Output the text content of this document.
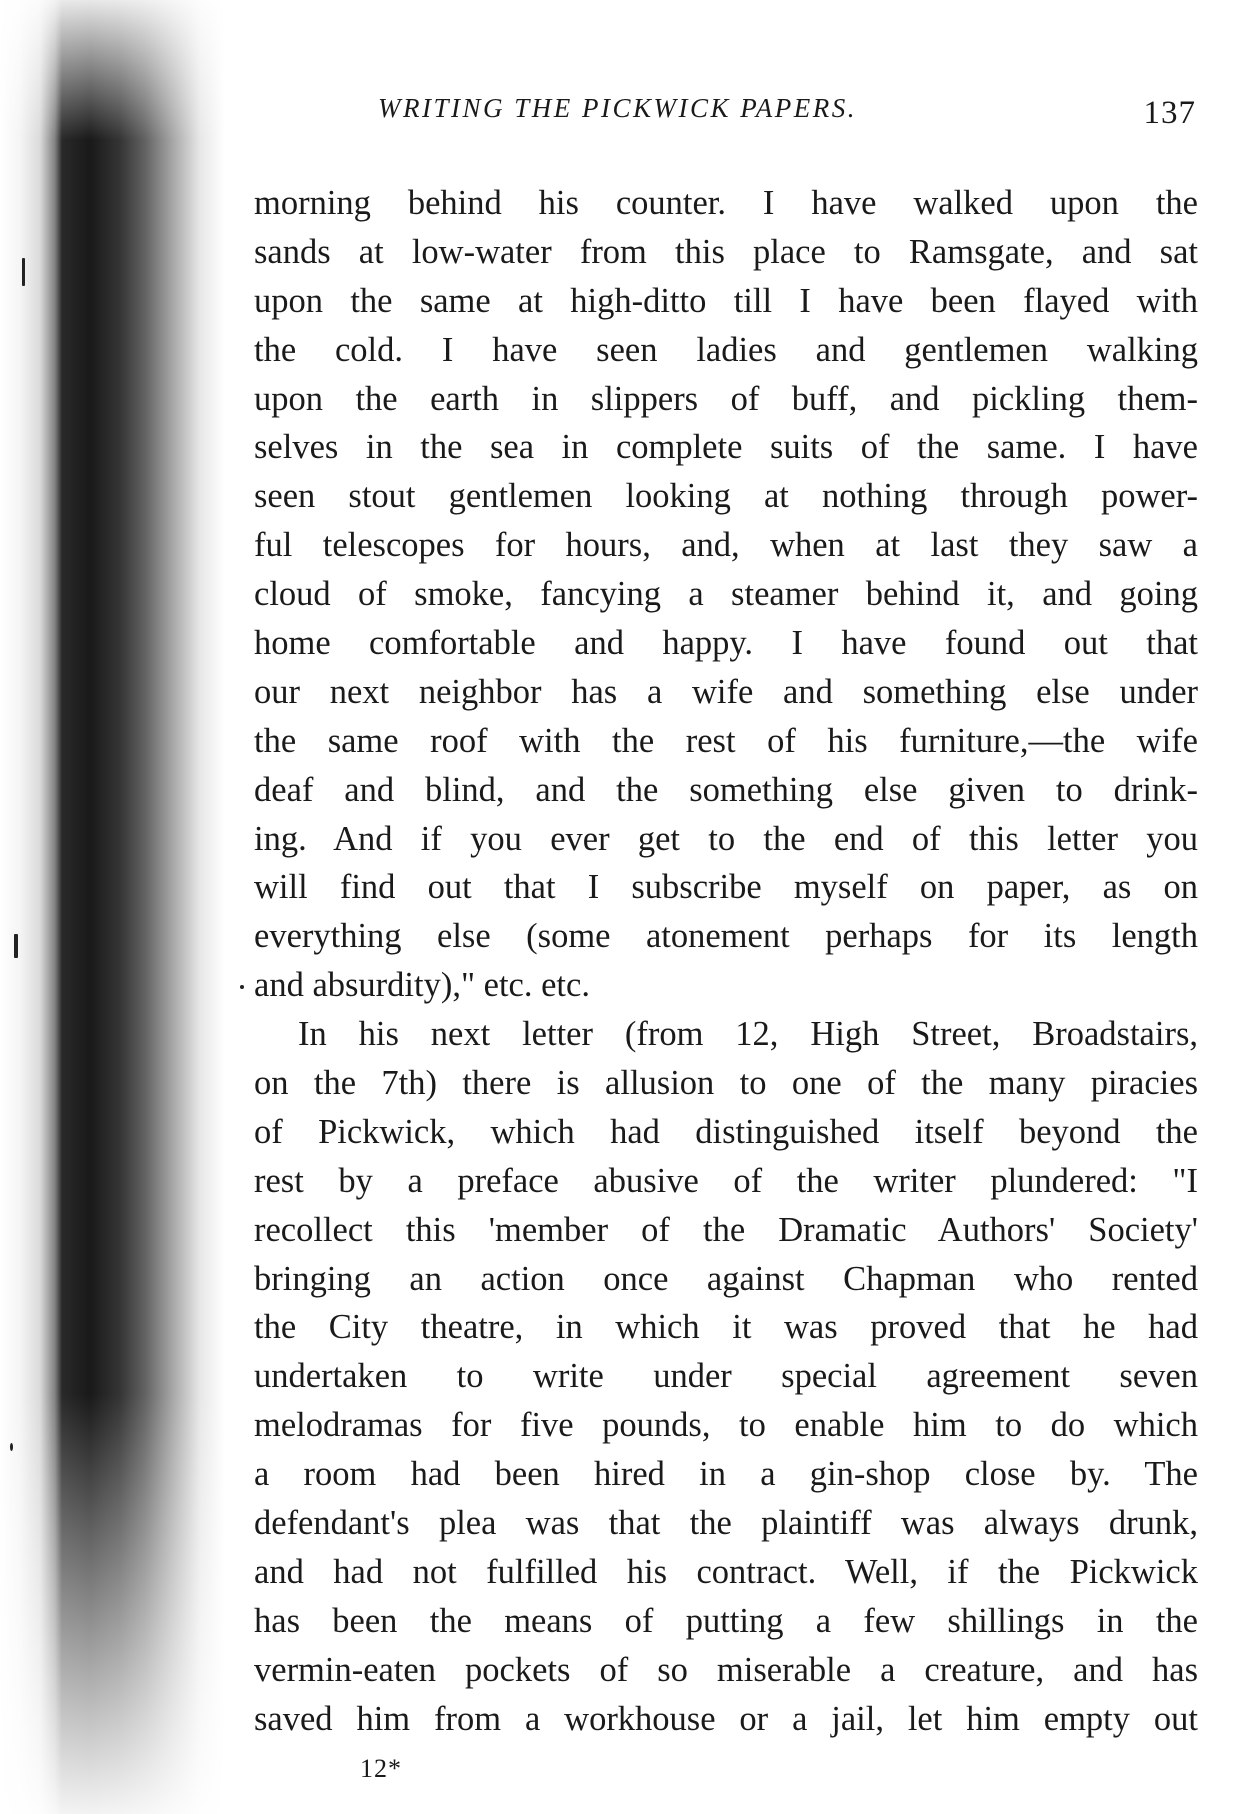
WRITING THE PICKWICK PAPERS.	137
morning behind his counter. I have walked upon the
sands at low-water from this place to Ramsgate, and sat
upon the same at high-ditto till I have been flayed with
the cold. I have seen ladies and gentlemen walking
upon the earth in slippers of buff, and pickling them-
selves in the sea in complete suits of the same. I have
seen stout gentlemen looking at nothing through power-
ful telescopes for hours, and, when at last they saw a
cloud of smoke, fancying a steamer behind it, and going
home comfortable and happy. I have found out that
our next neighbor has a wife and something else under
the same roof with the rest of his furniture,—the wife
deaf and blind, and the something else given to drink-
ing. And if you ever get to the end of this letter you
will find out that I subscribe myself on paper, as on
everything else (some atonement perhaps for its length
and absurdity)," etc. etc.
In his next letter (from 12, High Street, Broadstairs,
on the 7th) there is allusion to one of the many piracies
of Pickwick, which had distinguished itself beyond the
rest by a preface abusive of the writer plundered: "I
recollect this 'member of the Dramatic Authors' Society'
bringing an action once against Chapman who rented
the City theatre, in which it was proved that he had
undertaken to write under special agreement seven
melodramas for five pounds, to enable him to do which
a room had been hired in a gin-shop close by. The
defendant's plea was that the plaintiff was always drunk,
and had not fulfilled his contract. Well, if the Pickwick
has been the means of putting a few shillings in the
vermin-eaten pockets of so miserable a creature, and has
saved him from a workhouse or a jail, let him empty out
12*
